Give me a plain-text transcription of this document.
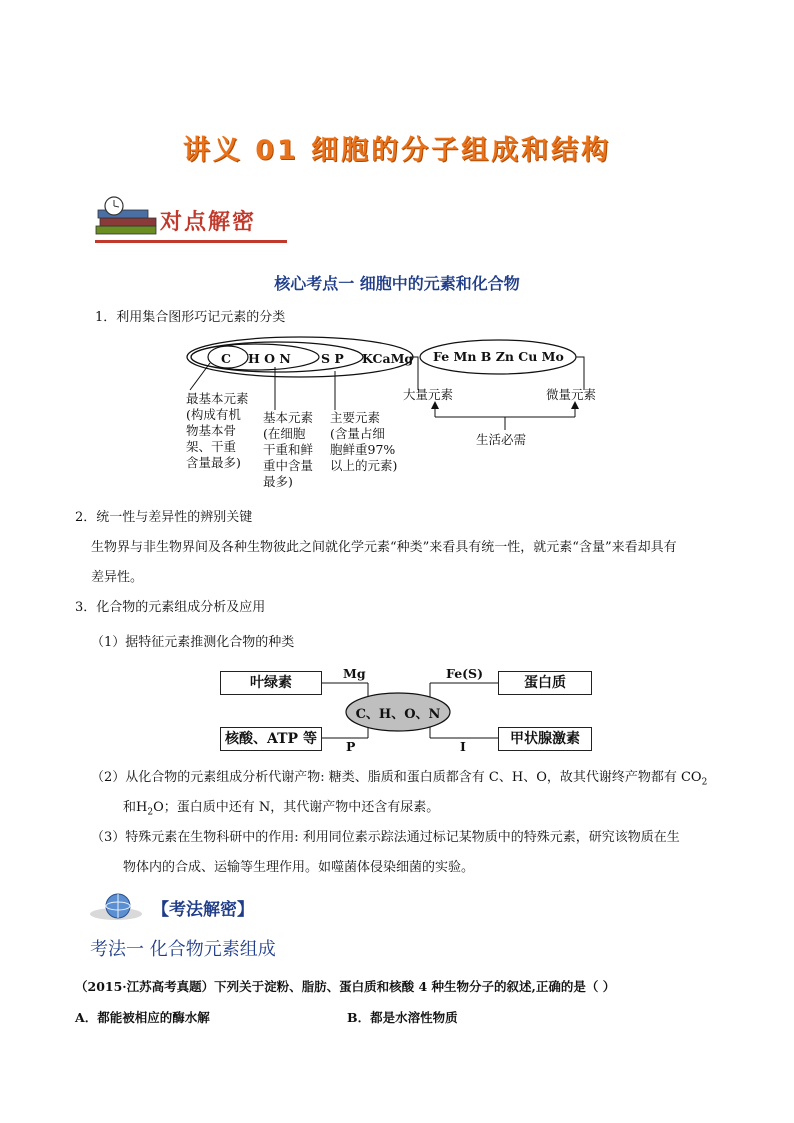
讲义 01 细胞的分子组成和结构
对点解密
核心考点一 细胞中的元素和化合物
1．利用集合图形巧记元素的分类
C H O N S P KCaMg Fe Mn B Zn Cu Mo
最基本元素
(构成有机
物基本骨
架、干重
含量最多)
基本元素
(在细胞
干重和鲜
重中含量
最多)
主要元素
(含量占细
胞鲜重97%
以上的元素)
大量元素	微量元素
生活必需
2．统一性与差异性的辨别关键
生物界与非生物界间及各种生物彼此之间就化学元素“种类”来看具有统一性，就元素“含量”来看却具有
差异性。
3．化合物的元素组成分析及应用
（1）据特征元素推测化合物的种类
叶绿素	蛋白质
核酸、ATP 等	甲状腺激素
C、H、O、N
Mg	Fe(S)
P	I
（2）从化合物的元素组成分析代谢产物: 糖类、脂质和蛋白质都含有 C、H、O，故其代谢终产物都有 $CO_2$
和$H_2O$；蛋白质中还有 N，其代谢产物中还含有尿素。
（3）特殊元素在生物科研中的作用: 利用同位素示踪法通过标记某物质中的特殊元素，研究该物质在生
物体内的合成、运输等生理作用。如噬菌体侵染细菌的实验。
【考法解密】
考法一 化合物元素组成
（2015·江苏高考真题）下列关于淀粉、脂肪、蛋白质和核酸 4 种生物分子的叙述,正确的是（ ）
A．都能被相应的酶水解	B．都是水溶性物质
